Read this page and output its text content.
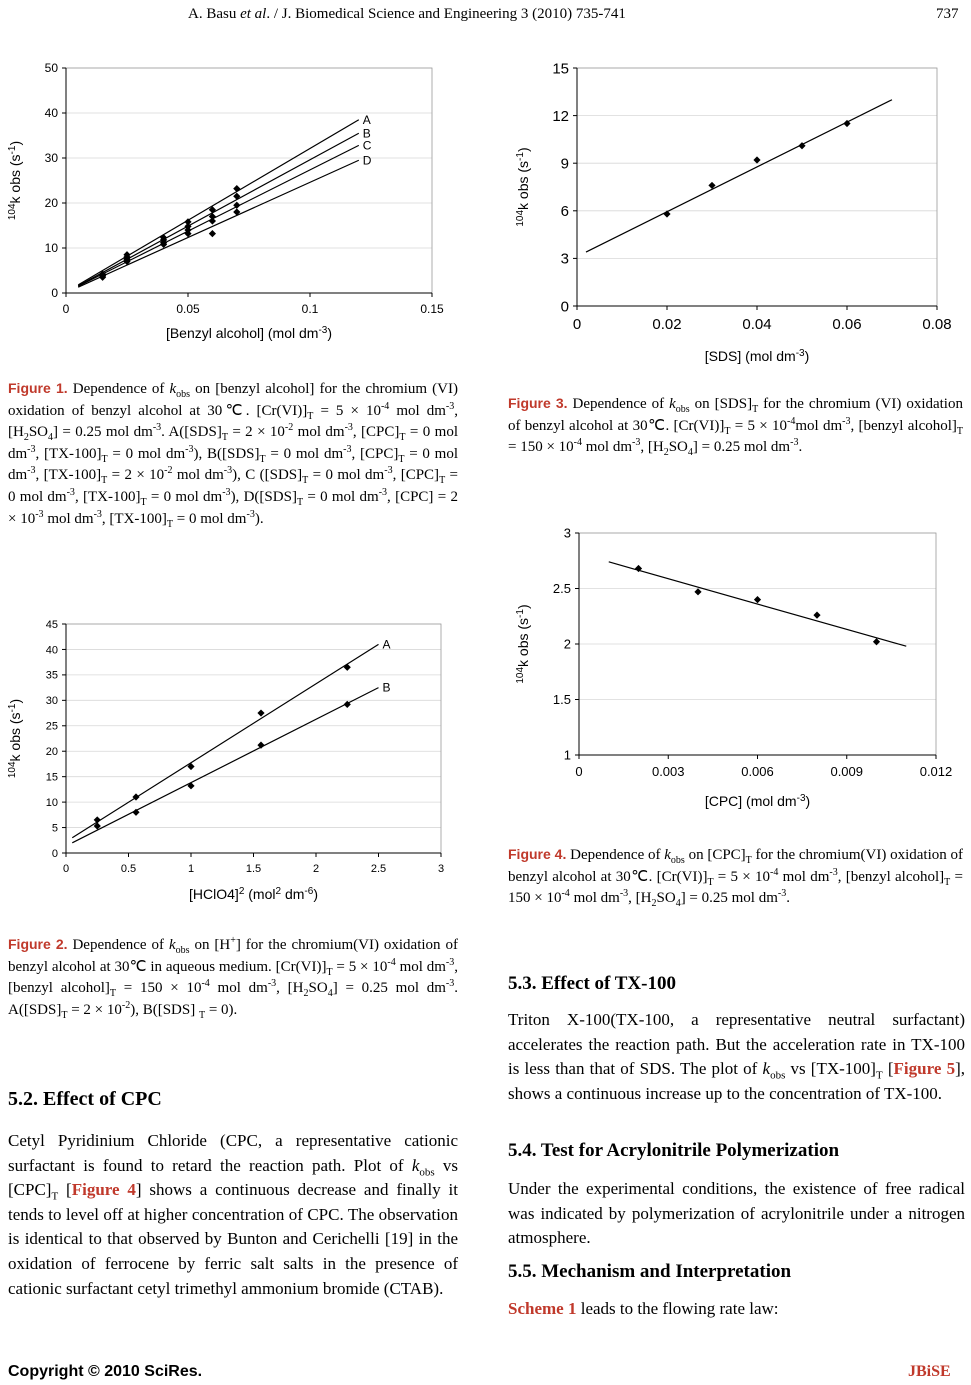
A. Basu et al. / J. Biomedical Science and Engineering 3 (2010) 735-741	737
0
10
20
30
40
50
0	0.05	0.1	0.15
[Benzyl alcohol] (mol $dm^{-3}$)
$^{104}$k obs $(s^{-1})$
A
B
C
D
Figure 1. Dependence of $k_{obs}$ on [benzyl alcohol] for the chromium (VI) oxidation of benzyl alcohol at 30℃. $[Cr(VI)]_T = 5 \times 10^{-4}$ mol $dm^{-3}$, $[H_2SO_4] = 0.25$ mol $dm^{-3}$. $A([SDS]_T = 2 \times 10^{-2}$ mol $dm^{-3}$, $[CPC]_T = 0$ mol $dm^{-3}$, $[TX-100]_T = 0$ mol $dm^{-3}$), $B([SDS]_T = 0$ mol $dm^{-3}$, $[CPC]_T = 0$ mol $dm^{-3}$, $[TX-100]_T = 2 \times 10^{-2}$ mol $dm^{-3}$), C ($[SDS]_T = 0$ mol $dm^{-3}$, $[CPC]_T = 0$ mol $dm^{-3}$, $[TX-100]_T = 0$ mol $dm^{-3}$), $D([SDS]_T = 0$ mol $dm^{-3}$, $[CPC] = 2 \times 10^{-3}$ mol $dm^{-3}$, $[TX-100]_T = 0$ mol $dm^{-3}$).
0
5
10
15
20
25
30
35
40
45
0	0.5	1	1.5	2	2.5	3
[HClO4]$^2$ (mol$^2$ $dm^{-6}$)
$^{104}$k obs $(s^{-1})$
A
B
Figure 2. Dependence of $k_{obs}$ on [H+] for the chromium(VI) oxidation of benzyl alcohol at 30℃ in aqueous medium. $[Cr(VI)]_T = 5 \times 10^{-4}$ mol $dm^{-3}$, [benzyl $alcohol]_T = 150 \times 10^{-4}$ mol $dm^{-3}$, $[H_2SO_4] = 0.25$ mol $dm^{-3}$. $A([SDS]_T = 2 \times 10^{-2})$, B([SDS] $_T$ = 0).
5.2. Effect of CPC
Cetyl Pyridinium Chloride (CPC, a representative cationic surfactant is found to retard the reaction path. Plot of $k_{obs}$ vs $[CPC]_T$ [Figure 4] shows a continuous decrease and finally it tends to level off at higher concentration of CPC. The observation is identical to that observed by Bunton and Cerichelli [19] in the oxidation of ferrocene by ferric salt salts in the presence of cationic surfactant cetyl trimethyl ammonium bromide (CTAB).
0
3
6
9
12
15
0	0.02	0.04	0.06	0.08
[SDS] (mol $dm^{-3}$)
$^{104}$k obs $(s^{-1})$
Figure 3. Dependence of $k_{obs}$ on $[SDS]_T$ for the chromium (VI) oxidation of benzyl alcohol at 30℃. $[Cr(VI)]_T = 5 \times 10^{-4}mol$ $dm^{-3}$, [benzyl $alcohol]_T = 150 \times 10^{-4}$ mol $dm^{-3}$, $[H_2SO_4] = 0.25$ mol $dm^{-3}$.
1
1.5
2
2.5
3
0	0.003	0.006	0.009	0.012
[CPC] (mol $dm^{-3}$)
$^{104}$k obs $(s^{-1})$
Figure 4. Dependence of $k_{obs}$ on $[CPC]_T$ for the chromium(VI) oxidation of benzyl alcohol at 30℃. $[Cr(VI)]_T = 5 \times 10^{-4}$ mol $dm^{-3}$, [benzyl $alcohol]_T = 150 \times 10^{-4}$ mol $dm^{-3}$, $[H_2SO_4] = 0.25$ mol $dm^{-3}$.
5.3. Effect of TX-100
Triton X-100(TX-100, a representative neutral surfactant) accelerates the reaction path. But the acceleration rate in TX-100 is less than that of SDS. The plot of $k_{obs}$ vs $[TX-100]_T$ [Figure 5], shows a continuous increase up to the concentration of TX-100.
5.4. Test for Acrylonitrile Polymerization
Under the experimental conditions, the existence of free radical was indicated by polymerization of acrylonitrile under a nitrogen atmosphere.
5.5. Mechanism and Interpretation
Scheme 1 leads to the flowing rate law:
Copyright © 2010 SciRes.	JBiSE
